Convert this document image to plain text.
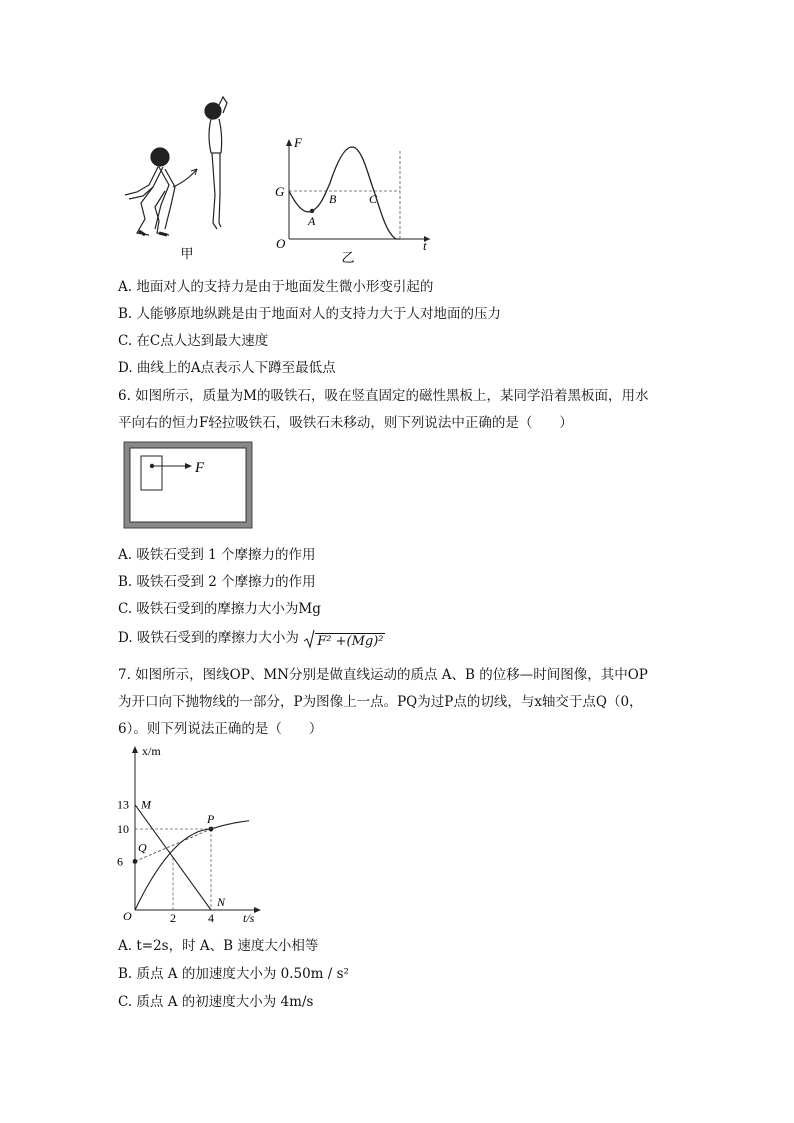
甲
F
t
O
G
A
B	C
乙
A. 地面对人的支持力是由于地面发生微小形变引起的
B. 人能够原地纵跳是由于地面对人的支持力大于人对地面的压力
C. 在C点人达到最大速度
D. 曲线上的A点表示人下蹲至最低点
6. 如图所示，质量为M的吸铁石，吸在竖直固定的磁性黑板上，某同学沿着黑板面，用水
平向右的恒力F轻拉吸铁石，吸铁石未移动，则下列说法中正确的是（　　）
F
A. 吸铁石受到 1 个摩擦力的作用
B. 吸铁石受到 2 个摩擦力的作用
C. 吸铁石受到的摩擦力大小为Mg
D. 吸铁石受到的摩擦力大小为 F² +(Mg)²
7. 如图所示，图线OP、MN分别是做直线运动的质点 A、B 的位移—时间图像，其中OP
为开口向下抛物线的一部分，P为图像上一点。PQ为过P点的切线，与x轴交于点Q（0，
6）。则下列说法正确的是（　　）
x/m
t/s
O
13
10
6
2	4
M
P
Q
N
A. t=2s，时 A、B 速度大小相等
B. 质点 A 的加速度大小为 0.50m / s²
C. 质点 A 的初速度大小为 4m/s
